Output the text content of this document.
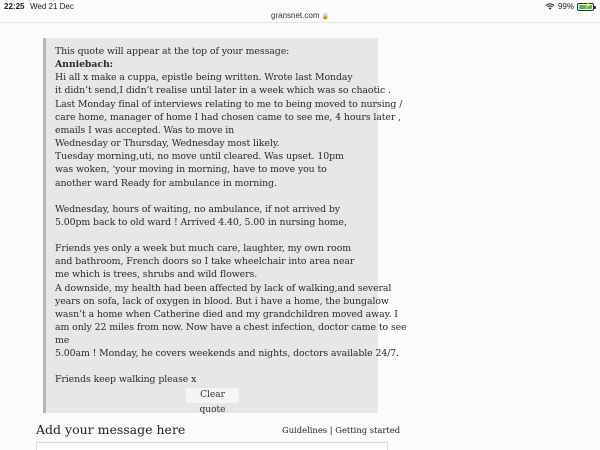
22:25 Wed 21 Dec
gransnet.com 🔒
99% ⚡

This quote will appear at the top of your message:

Anniebach:

Hi all x make a cuppa, epistle being written. Wrote last Monday

it didn’t send,I didn’t realise until later in a week which was so chaotic .

Last Monday final of interviews relating to me to being moved to nursing /

care home, manager of home I had chosen came to see me, 4 hours later ,

emails I was accepted. Was to move in

Wednesday or Thursday, Wednesday most likely.

Tuesday morning,uti, no move until cleared. Was upset. 10pm

was woken, ‘your moving in morning, have to move you to

another ward Ready for ambulance in morning.

Wednesday, hours of waiting, no ambulance, if not arrived by

5.00pm back to old ward ! Arrived 4.40, 5.00 in nursing home,

Friends yes only a week but much care, laughter, my own room

and bathroom, French doors so I take wheelchair into area near

me which is trees, shrubs and wild flowers.

A downside, my health had been affected by lack of walking,and several

years on sofa, lack of oxygen in blood. But i have a home, the bungalow

wasn’t a home when Catherine died and my grandchildren moved away. I

am only 22 miles from now. Now have a chest infection, doctor came to see

me

5.00am ! Monday, he covers weekends and nights, doctors available 24/7.

Friends keep walking please x

Clear quote
Add your message here	Guidelines | Getting started
